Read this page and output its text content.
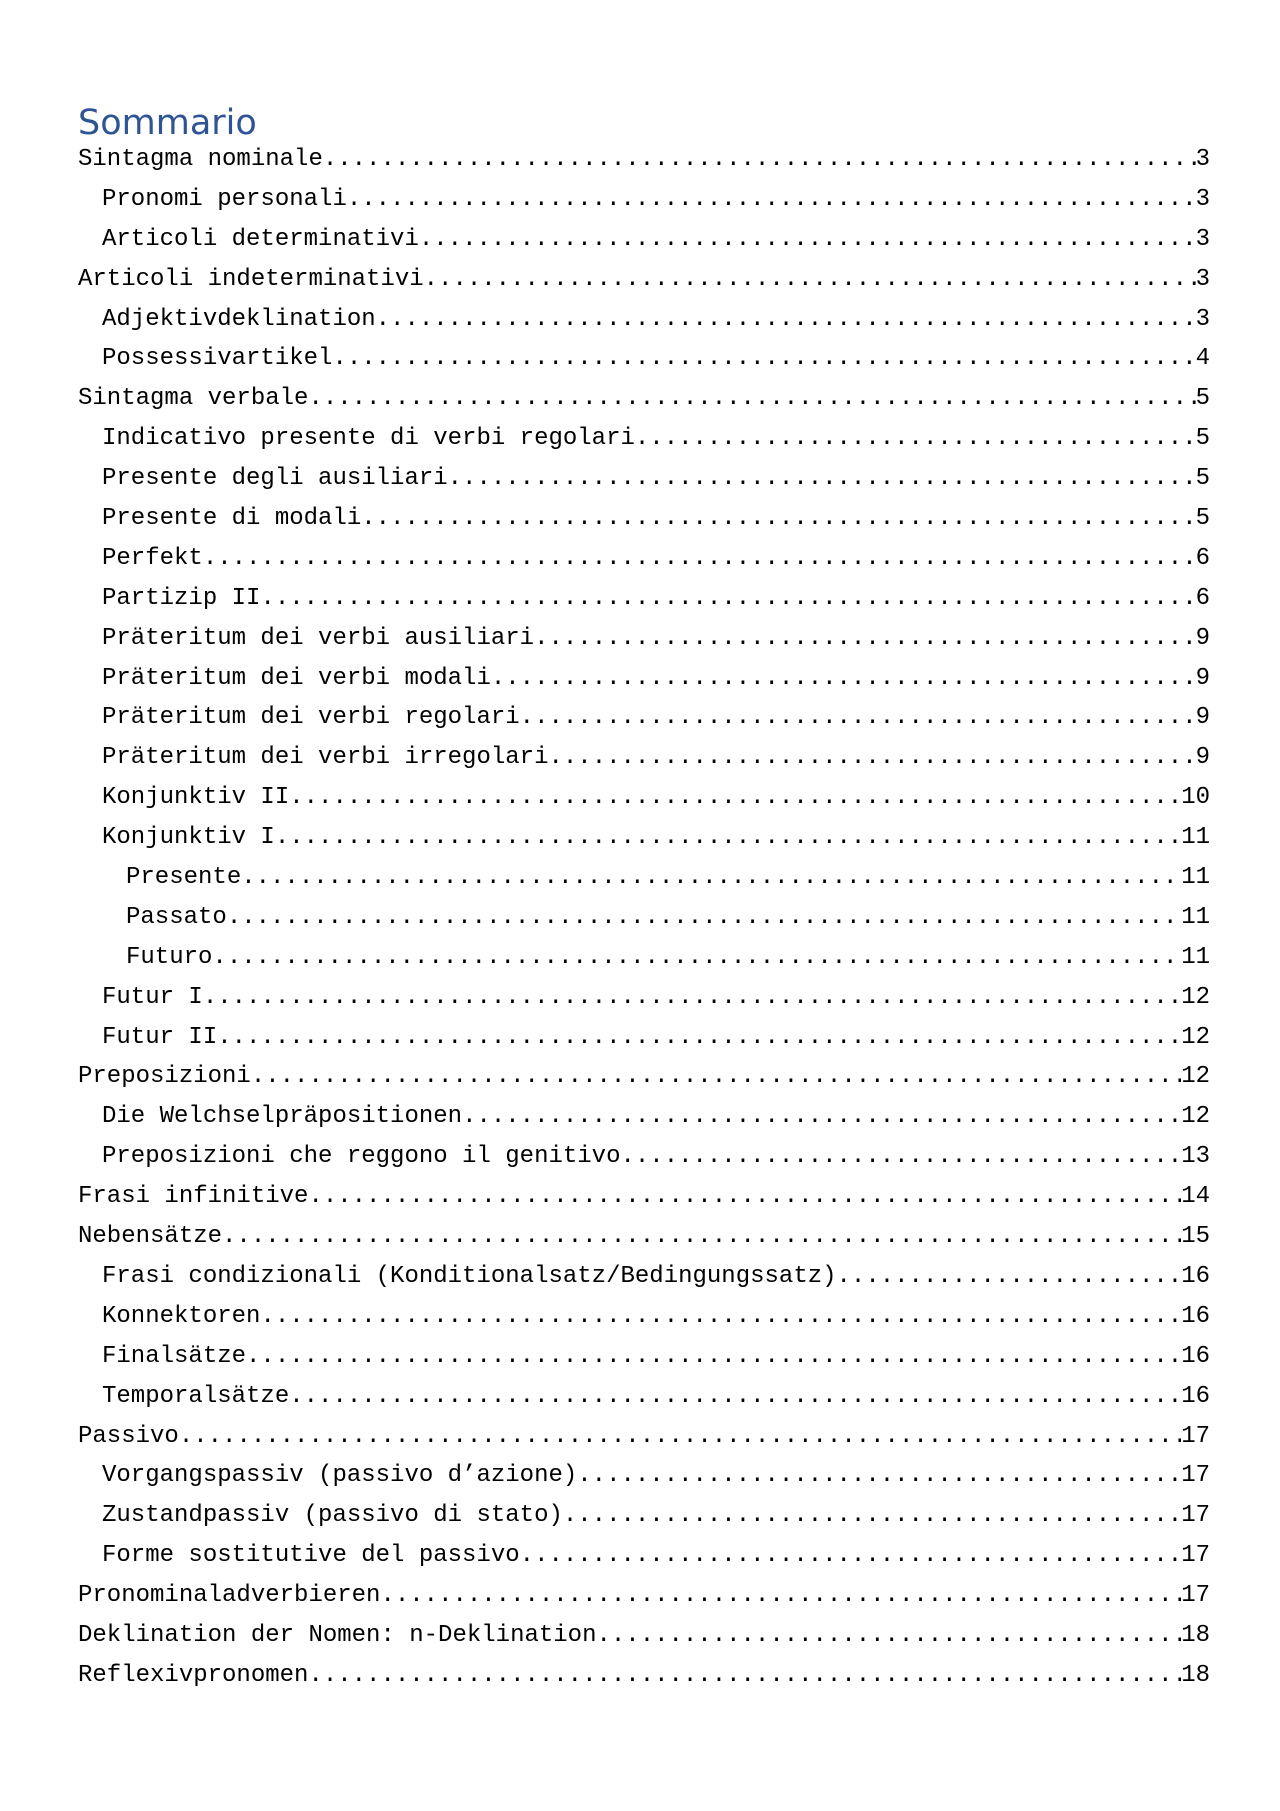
Sommario
Sintagma nominale .....	3
Pronomi personali .....	3
Articoli determinativi .....	3
Articoli indeterminativi .....	3
Adjektivdeklination .....	3
Possessivartikel .....	4
Sintagma verbale .....	5
Indicativo presente di verbi regolari .....	5
Presente degli ausiliari .....	5
Presente di modali .....	5
Perfekt .....	6
Partizip II .....	6
Präteritum dei verbi ausiliari .....	9
Präteritum dei verbi modali .....	9
Präteritum dei verbi regolari .....	9
Präteritum dei verbi irregolari .....	9
Konjunktiv II .....	10
Konjunktiv I .....	11
Presente .....	11
Passato .....	11
Futuro .....	11
Futur I .....	12
Futur II .....	12
Preposizioni .....	12
Die Welchselpräpositionen .....	12
Preposizioni che reggono il genitivo .....	13
Frasi infinitive .....	14
Nebensätze .....	15
Frasi condizionali (Konditionalsatz/Bedingungssatz) .....	16
Konnektoren .....	16
Finalsätze .....	16
Temporalsätze .....	16
Passivo .....	17
Vorgangspassiv (passivo d’azione) .....	17
Zustandpassiv (passivo di stato) .....	17
Forme sostitutive del passivo .....	17
Pronominaladverbieren .....	17
Deklination der Nomen: n-Deklination .....	18
Reflexivpronomen .....	18
